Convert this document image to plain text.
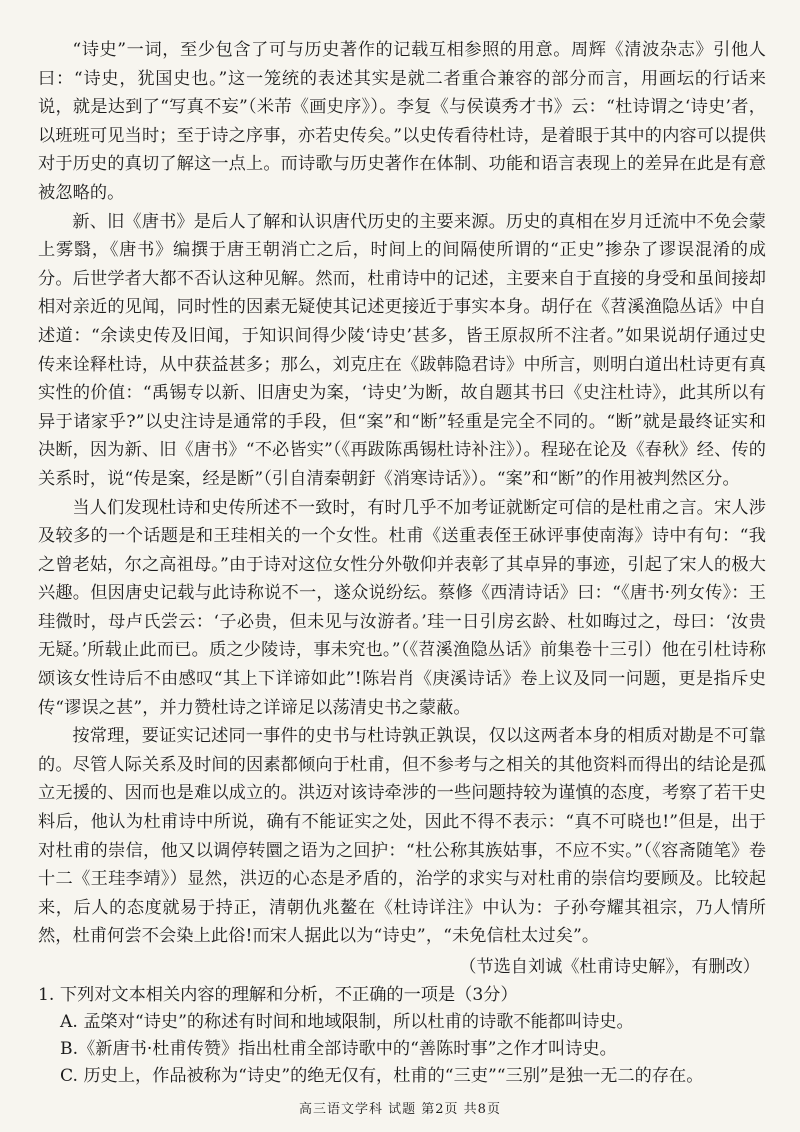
“诗史”一词，至少包含了可与历史著作的记载互相参照的用意。周辉《清波杂志》引他人曰：“诗史，犹国史也。”这一笼统的表述其实是就二者重合兼容的部分而言，用画坛的行话来说，就是达到了“写真不妄”（米芾《画史序》）。李复《与侯谟秀才书》云：“杜诗谓之‘诗史’者，以班班可见当时；至于诗之序事，亦若史传矣。”以史传看待杜诗，是着眼于其中的内容可以提供对于历史的真切了解这一点上。而诗歌与历史著作在体制、功能和语言表现上的差异在此是有意被忽略的。

新、旧《唐书》是后人了解和认识唐代历史的主要来源。历史的真相在岁月迁流中不免会蒙上雾翳，《唐书》编撰于唐王朝消亡之后，时间上的间隔使所谓的“正史”掺杂了谬误混淆的成分。后世学者大都不否认这种见解。然而，杜甫诗中的记述，主要来自于直接的身受和虽间接却相对亲近的见闻，同时性的因素无疑使其记述更接近于事实本身。胡仔在《苕溪渔隐丛话》中自述道：“余读史传及旧闻，于知识间得少陵‘诗史’甚多，皆王原叔所不注者。”如果说胡仔通过史传来诠释杜诗，从中获益甚多；那么，刘克庄在《跋韩隐君诗》中所言，则明白道出杜诗更有真实性的价值：“禹锡专以新、旧唐史为案，‘诗史’为断，故自题其书曰《史注杜诗》，此其所以有异于诸家乎?”以史注诗是通常的手段，但“案”和“断”轻重是完全不同的。“断”就是最终证实和决断，因为新、旧《唐书》“不必皆实”（《再跋陈禹锡杜诗补注》）。程珌在论及《春秋》经、传的关系时，说“传是案，经是断”（引自清秦朝釪《消寒诗话》）。“案”和“断”的作用被判然区分。

当人们发现杜诗和史传所述不一致时，有时几乎不加考证就断定可信的是杜甫之言。宋人涉及较多的一个话题是和王珪相关的一个女性。杜甫《送重表侄王砅评事使南海》诗中有句：“我之曾老姑，尔之高祖母。”由于诗对这位女性分外敬仰并表彰了其卓异的事迹，引起了宋人的极大兴趣。但因唐史记载与此诗称说不一，遂众说纷纭。蔡修《西清诗话》曰：“《唐书·列女传》：王珪微时，母卢氏尝云：‘子必贵，但未见与汝游者。’珪一日引房玄龄、杜如晦过之，母曰：‘汝贵无疑。’所载止此而已。质之少陵诗，事未究也。”（《苕溪渔隐丛话》前集卷十三引）他在引杜诗称颂该女性诗后不由感叹“其上下详谛如此”!陈岩肖《庚溪诗话》卷上议及同一问题，更是指斥史传“谬误之甚”，并力赞杜诗之详谛足以荡清史书之蒙蔽。

按常理，要证实记述同一事件的史书与杜诗孰正孰误，仅以这两者本身的相质对勘是不可靠的。尽管人际关系及时间的因素都倾向于杜甫，但不参考与之相关的其他资料而得出的结论是孤立无援的、因而也是难以成立的。洪迈对该诗牵涉的一些问题持较为谨慎的态度，考察了若干史料后，他认为杜甫诗中所说，确有不能证实之处，因此不得不表示：“真不可晓也!”但是，出于对杜甫的崇信，他又以调停转圜之语为之回护：“杜公称其族姑事，不应不实。”（《容斋随笔》卷十二《王珪李靖》）显然，洪迈的心态是矛盾的，治学的求实与对杜甫的崇信均要顾及。比较起来，后人的态度就易于持正，清朝仇兆鳌在《杜诗详注》中认为：子孙夸耀其祖宗，乃人情所然，杜甫何尝不会染上此俗!而宋人据此以为“诗史”，“未免信杜太过矣”。

（节选自刘诚《杜甫诗史解》，有删改）

1. 下列对文本相关内容的理解和分析，不正确的一项是（3分）

A. 孟棨对“诗史”的称述有时间和地域限制，所以杜甫的诗歌不能都叫诗史。

B.《新唐书·杜甫传赞》指出杜甫全部诗歌中的“善陈时事”之作才叫诗史。

C. 历史上，作品被称为“诗史”的绝无仅有，杜甫的“三吏”“三别”是独一无二的存在。

高三语文学科 试题 第2页 共8页
